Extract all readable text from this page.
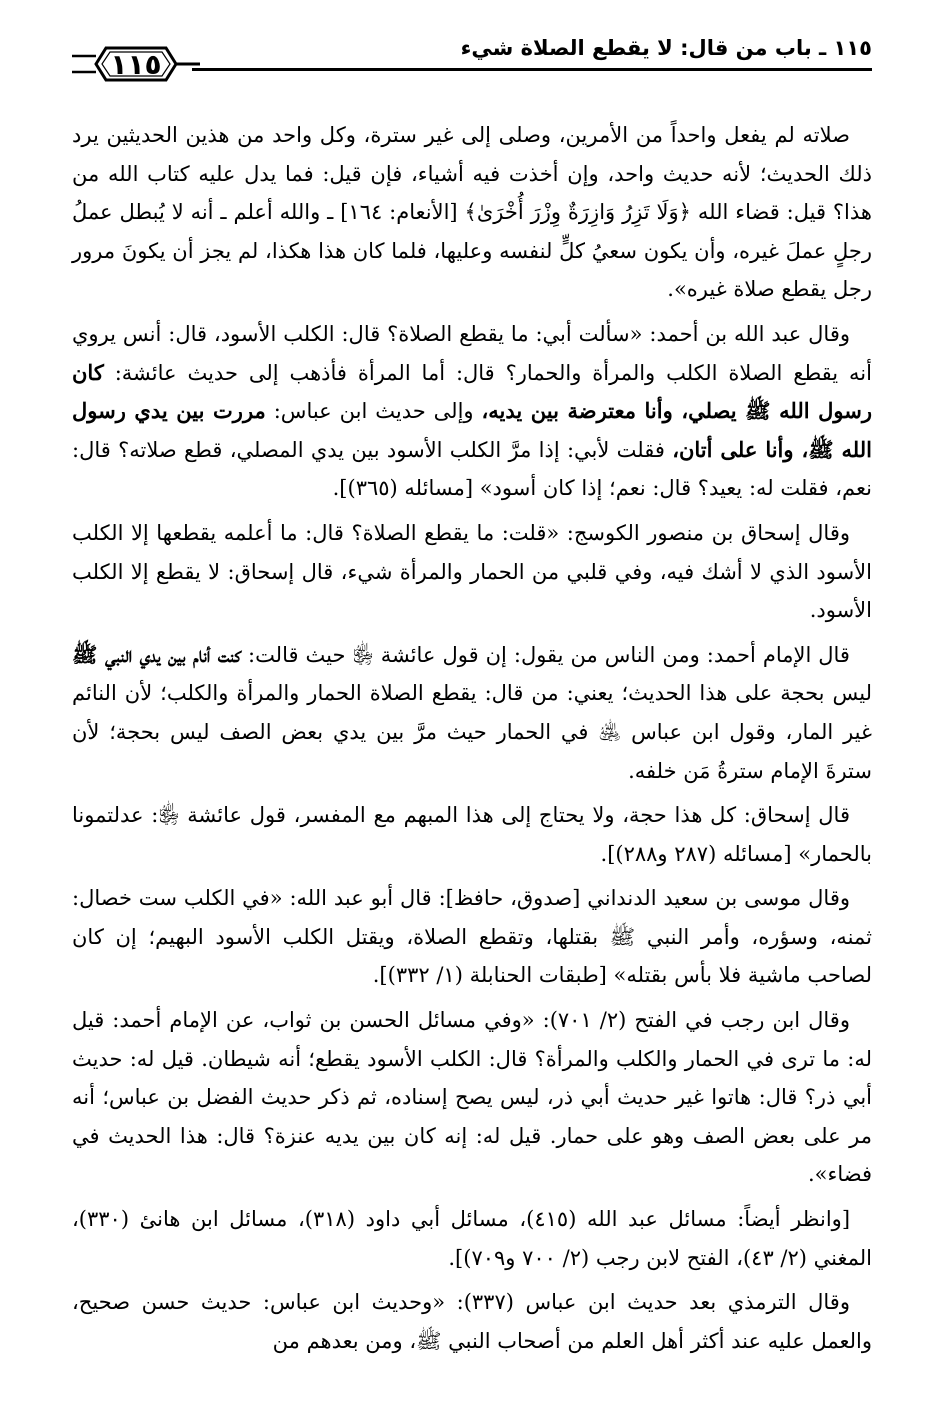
١١٥ ـ باب من قال: لا يقطع الصلاة شيء
١١٥

صلاته لم يفعل واحداً من الأمرين، وصلى إلى غير سترة، وكل واحد من هذين الحديثين يرد ذلك الحديث؛ لأنه حديث واحد، وإن أخذت فيه أشياء، فإن قيل: فما يدل عليه كتاب الله من هذا؟ قيل: قضاء الله ﴿وَلَا تَزِرُ وَازِرَةٌ وِزْرَ أُخْرَىٰ﴾ [الأنعام: ١٦٤] ـ والله أعلم ـ أنه لا يُبطل عملُ رجلٍ عملَ غيره، وأن يكون سعيُ كلٍّ لنفسه وعليها، فلما كان هذا هكذا، لم يجز أن يكونَ مرور رجل يقطع صلاة غيره».

وقال عبد الله بن أحمد: «سألت أبي: ما يقطع الصلاة؟ قال: الكلب الأسود، قال: أنس يروي أنه يقطع الصلاة الكلب والمرأة والحمار؟ قال: أما المرأة فأذهب إلى حديث عائشة: كان رسول الله ﷺ يصلي، وأنا معترضة بين يديه، وإلى حديث ابن عباس: مررت بين يدي رسول الله ﷺ، وأنا على أتان، فقلت لأبي: إذا مرَّ الكلب الأسود بين يدي المصلي، قطع صلاته؟ قال: نعم، فقلت له: يعيد؟ قال: نعم؛ إذا كان أسود» [مسائله (٣٦٥)].

وقال إسحاق بن منصور الكوسج: «قلت: ما يقطع الصلاة؟ قال: ما أعلمه يقطعها إلا الكلب الأسود الذي لا أشك فيه، وفي قلبي من الحمار والمرأة شيء، قال إسحاق: لا يقطع إلا الكلب الأسود.

قال الإمام أحمد: ومن الناس من يقول: إن قول عائشة ﵂ حيث قالت: كنت أنام بين يدي النبي ﷺ ليس بحجة على هذا الحديث؛ يعني: من قال: يقطع الصلاة الحمار والمرأة والكلب؛ لأن النائم غير المار، وقول ابن عباس ﵁ في الحمار حيث مرَّ بين يدي بعض الصف ليس بحجة؛ لأن سترةَ الإمام سترةُ مَن خلفه.

قال إسحاق: كل هذا حجة، ولا يحتاج إلى هذا المبهم مع المفسر، قول عائشة ﵂: عدلتمونا بالحمار» [مسائله (٢٨٧ و٢٨٨)].

وقال موسى بن سعيد الدنداني [صدوق، حافظ]: قال أبو عبد الله: «في الكلب ست خصال: ثمنه، وسؤره، وأمر النبي ﷺ بقتلها، وتقطع الصلاة، ويقتل الكلب الأسود البهيم؛ إن كان لصاحب ماشية فلا بأس بقتله» [طبقات الحنابلة (١/ ٣٣٢)].

وقال ابن رجب في الفتح (٢/ ٧٠١): «وفي مسائل الحسن بن ثواب، عن الإمام أحمد: قيل له: ما ترى في الحمار والكلب والمرأة؟ قال: الكلب الأسود يقطع؛ أنه شيطان. قيل له: حديث أبي ذر؟ قال: هاتوا غير حديث أبي ذر، ليس يصح إسناده، ثم ذكر حديث الفضل بن عباس؛ أنه مر على بعض الصف وهو على حمار. قيل له: إنه كان بين يديه عنزة؟ قال: هذا الحديث في فضاء».

[وانظر أيضاً: مسائل عبد الله (٤١٥)، مسائل أبي داود (٣١٨)، مسائل ابن هانئ (٣٣٠)، المغني (٢/ ٤٣)، الفتح لابن رجب (٢/ ٧٠٠ و٧٠٩)].

وقال الترمذي بعد حديث ابن عباس (٣٣٧): «وحديث ابن عباس: حديث حسن صحيح، والعمل عليه عند أكثر أهل العلم من أصحاب النبي ﷺ، ومن بعدهم من
